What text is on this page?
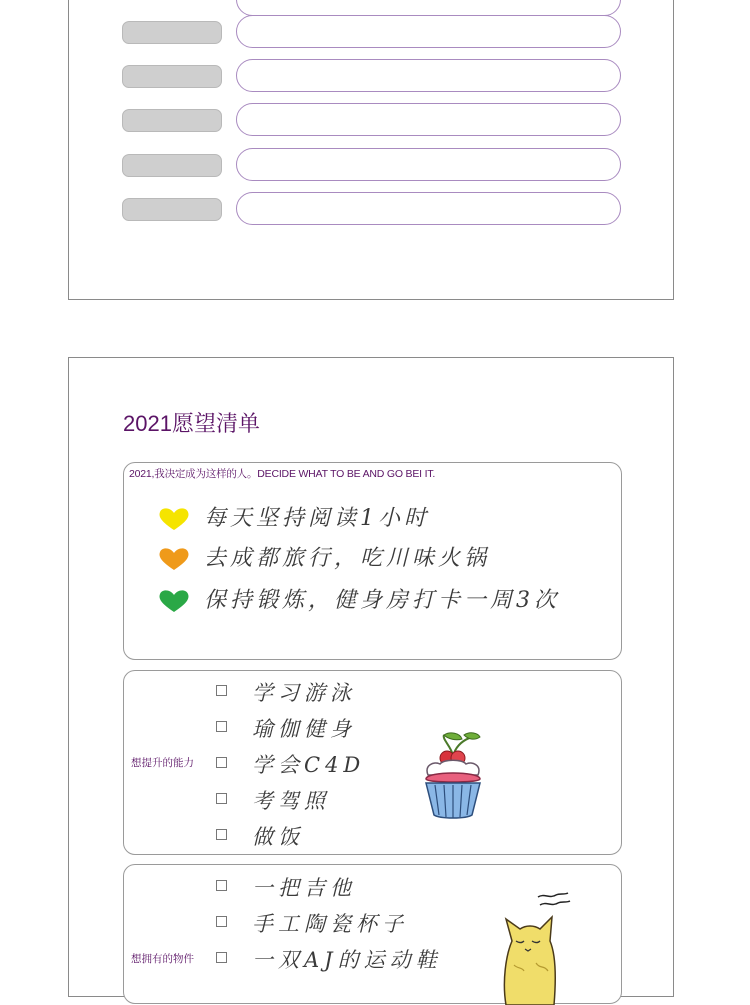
2021愿望清单
2021,我决定成为这样的人。DECIDE WHAT TO BE AND GO BEI IT.
每天坚持阅读1小时
去成都旅行，吃川味火锅
保持锻炼，健身房打卡一周3次
想提升的能力
学习游泳
瑜伽健身
学会C4D
考驾照
做饭
想拥有的物件
一把吉他
手工陶瓷杯子
一双AJ的运动鞋
